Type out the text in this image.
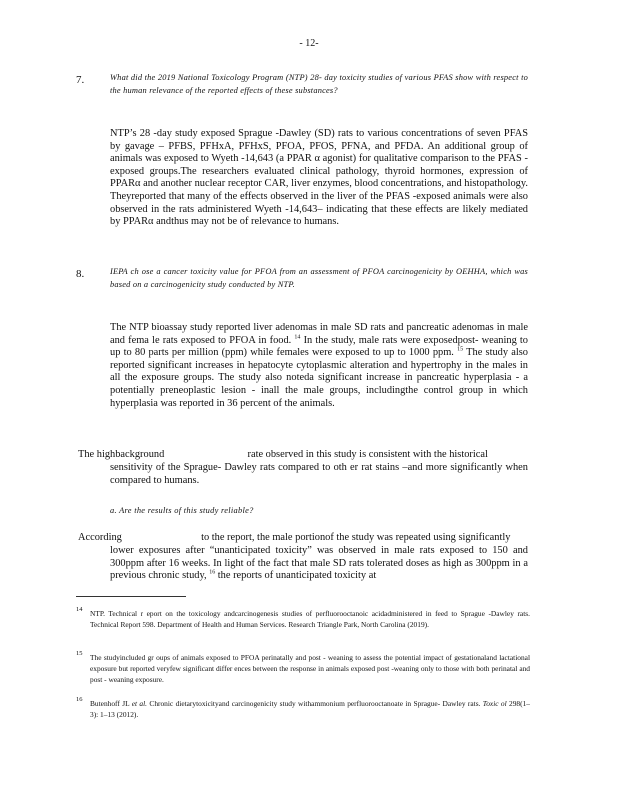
- 12-
7.	What did the 2019 National Toxicology Program (NTP) 28- day toxicity studies of various PFAS show with respect to the human relevance of the reported effects of these substances?
NTP’s 28 -day study exposed Sprague -Dawley (SD) rats to various concentrations of seven PFAS by gavage – PFBS, PFHxA, PFHxS, PFOA, PFOS, PFNA, and PFDA. An additional group of animals was exposed to Wyeth -14,643 (a PPAR α agonist) for qualitative comparison to the PFAS -exposed groups.The researchers evaluated clinical pathology, thyroid hormones, expression of PPARα and another nuclear receptor CAR, liver enzymes, blood concentrations, and histopathology. Theyreported that many of the effects observed in the liver of the PFAS -exposed animals were also observed in the rats administered Wyeth -14,643– indicating that these effects are likely mediated by PPARα andthus may not be of relevance to humans.
8.	IEPA ch ose a cancer toxicity value for PFOA from an assessment of PFOA carcinogenicity by OEHHA, which was based on a carcinogenicity study conducted by NTP.
The NTP bioassay study reported liver adenomas in male SD rats and pancreatic adenomas in male and fema le rats exposed to PFOA in food. $^{14}$ In the study, male rats were exposedpost- weaning to up to 80 parts per million (ppm) while females were exposed to up to 1000 ppm. $^{15}$ The study also reported significant increases in hepatocyte cytoplasmic alteration and hypertrophy in the males in all the exposure groups. The study also noteda significant increase in pancreatic hyperplasia - a potentially preneoplastic lesion - inall the male groups, includingthe control group in which hyperplasia was reported in 36 percent of the animals.
The highbackground	rate observed in this study is consistent with the historical
sensitivity of the Sprague- Dawley rats compared to oth er rat stains –and more significantly when compared to humans.
a. Are the results of this study reliable?
According	to the report, the male portionof the study was repeated using significantly
lower exposures after “unanticipated toxicity” was observed in male rats exposed to 150 and 300ppm after 16 weeks. In light of the fact that male SD rats tolerated doses as high as 300ppm in a previous chronic study, $^{16}$ the reports of unanticipated toxicity at
14 NTP. Technical r eport on the toxicology andcarcinogenesis studies of perfluorooctanoic acidadministered in feed to Sprague -Dawley rats. Technical Report 598. Department of Health and Human Services. Research Triangle Park, North Carolina (2019).
15 The studyincluded gr oups of animals exposed to PFOA perinatally and post - weaning to assess the potential impact of gestationaland lactational exposure but reported veryfew significant differ ences between the response in animals exposed post -weaning only to those with both perinatal and post - weaning exposure.
16 Butenhoff JL et al. Chronic dietarytoxicityand carcinogenicity study withammonium perfluorooctanoate in Sprague- Dawley rats. Toxic ol 298(1– 3): 1–13 (2012).
